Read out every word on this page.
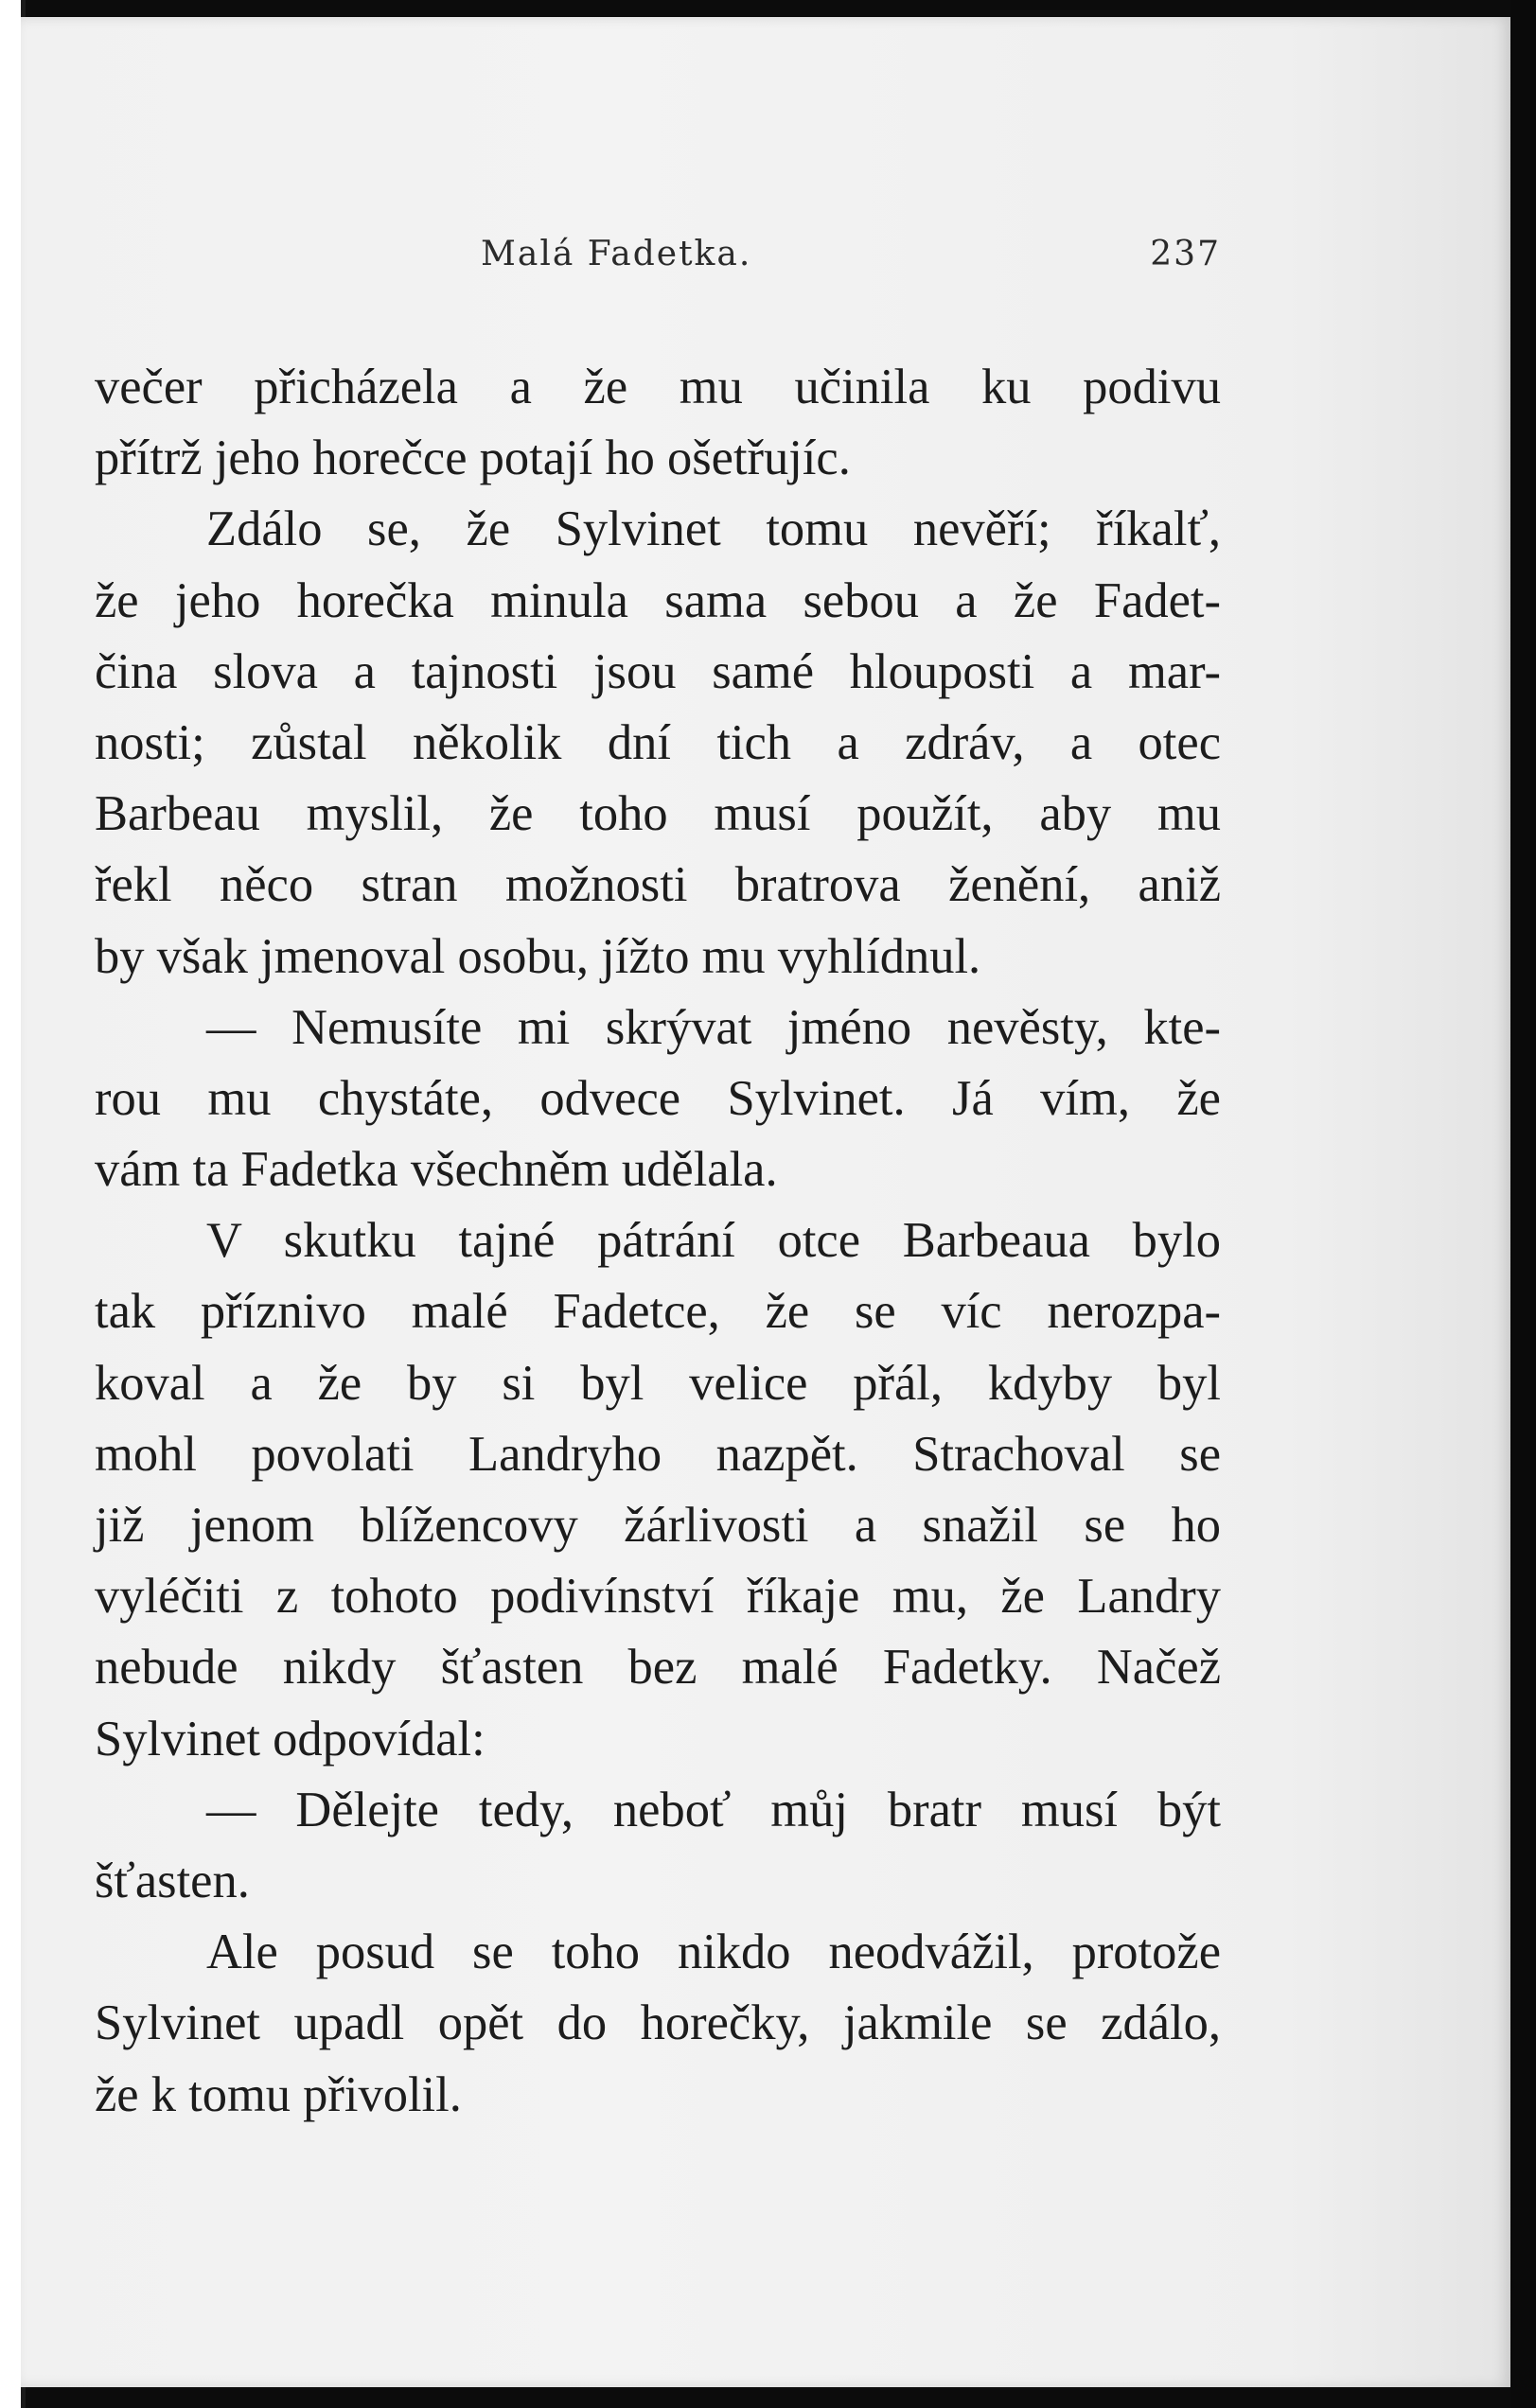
Malá Fadetka.	237
večer přicházela a že mu učinila ku podivu
přítrž jeho horečce potají ho ošetřujíc.
Zdálo se, že Sylvinet tomu nevěří; říkalť,
že jeho horečka minula sama sebou a že Fadet-
čina slova a tajnosti jsou samé hlouposti a mar-
nosti; zůstal několik dní tich a zdráv, a otec
Barbeau myslil, že toho musí použít, aby mu
řekl něco stran možnosti bratrova ženění, aniž
by však jmenoval osobu, jížto mu vyhlídnul.
— Nemusíte mi skrývat jméno nevěsty, kte-
rou mu chystáte, odvece Sylvinet. Já vím, že
vám ta Fadetka všechněm udělala.
V skutku tajné pátrání otce Barbeaua bylo
tak příznivo malé Fadetce, že se víc nerozpa-
koval a že by si byl velice přál, kdyby byl
mohl povolati Landryho nazpět. Strachoval se
již jenom blížencovy žárlivosti a snažil se ho
vyléčiti z tohoto podivínství říkaje mu, že Landry
nebude nikdy šťasten bez malé Fadetky. Načež
Sylvinet odpovídal:
— Dělejte tedy, neboť můj bratr musí být
šťasten.
Ale posud se toho nikdo neodvážil, protože
Sylvinet upadl opět do horečky, jakmile se zdálo,
že k tomu přivolil.
